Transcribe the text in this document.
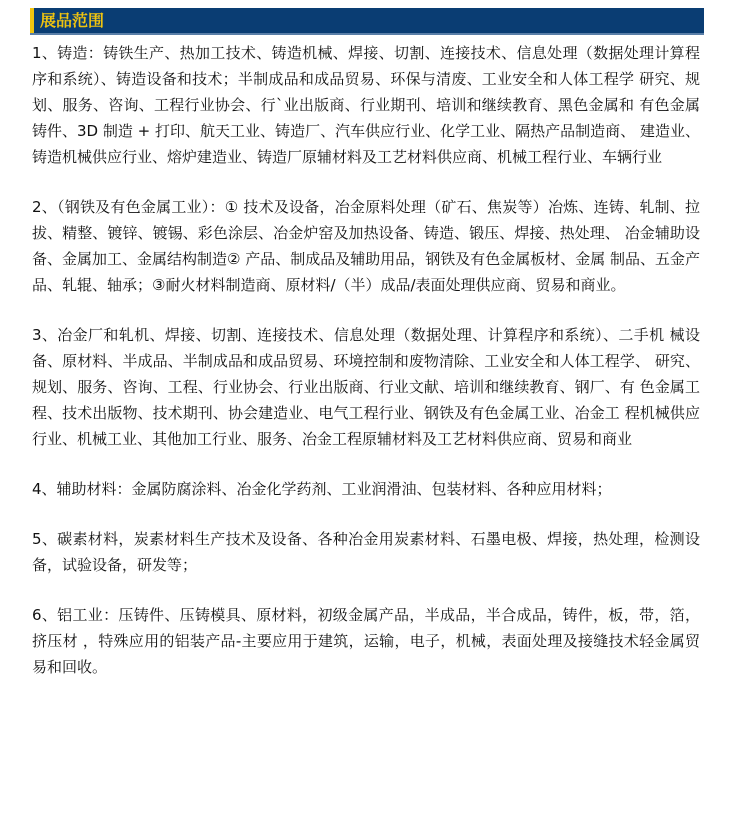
展品范围

1、铸造：铸铁生产、热加工技术、铸造机械、焊接、切割、连接技术、信息处理（数据处理计算程序和系统）、铸造设备和技术；半制成品和成品贸易、环保与清废、工业安全和人体工程学 研究、规划、服务、咨询、工程行业协会、行`业出版商、行业期刊、培训和继续教育、黑色金属和 有色金属铸件、3D 制造 + 打印、航天工业、铸造厂、汽车供应行业、化学工业、隔热产品制造商、 建造业、铸造机械供应行业、熔炉建造业、铸造厂原辅材料及工艺材料供应商、机械工程行业、车辆行业

2、（钢铁及有色金属工业）：① 技术及设备，冶金原料处理（矿石、焦炭等）冶炼、连铸、轧制、拉拔、精整、镀锌、镀锡、彩色涂层、冶金炉窑及加热设备、铸造、锻压、焊接、热处理、 冶金辅助设备、金属加工、金属结构制造② 产品、制成品及辅助用品，钢铁及有色金属板材、金属 制品、五金产品、轧辊、轴承；③耐火材料制造商、原材料/（半）成品/表面处理供应商、贸易和商业。

3、冶金厂和轧机、焊接、切割、连接技术、信息处理（数据处理、计算程序和系统）、二手机 械设备、原材料、半成品、半制成品和成品贸易、环境控制和废物清除、工业安全和人体工程学、 研究、规划、服务、咨询、工程、行业协会、行业出版商、行业文献、培训和继续教育、钢厂、有 色金属工程、技术出版物、技术期刊、协会建造业、电气工程行业、钢铁及有色金属工业、冶金工 程机械供应行业、机械工业、其他加工行业、服务、冶金工程原辅材料及工艺材料供应商、贸易和商业

4、辅助材料：金属防腐涂料、冶金化学药剂、工业润滑油、包装材料、各种应用材料；

5、碳素材料，炭素材料生产技术及设备、各种冶金用炭素材料、石墨电极、焊接，热处理，检测设备，试验设备，研发等；

6、铝工业：压铸件、压铸模具、原材料，初级金属产品，半成品，半合成品，铸件，板，带，箔，挤压材 ，特殊应用的铝装产品-主要应用于建筑，运输，电子，机械，表面处理及接缝技术轻金属贸易和回收。
